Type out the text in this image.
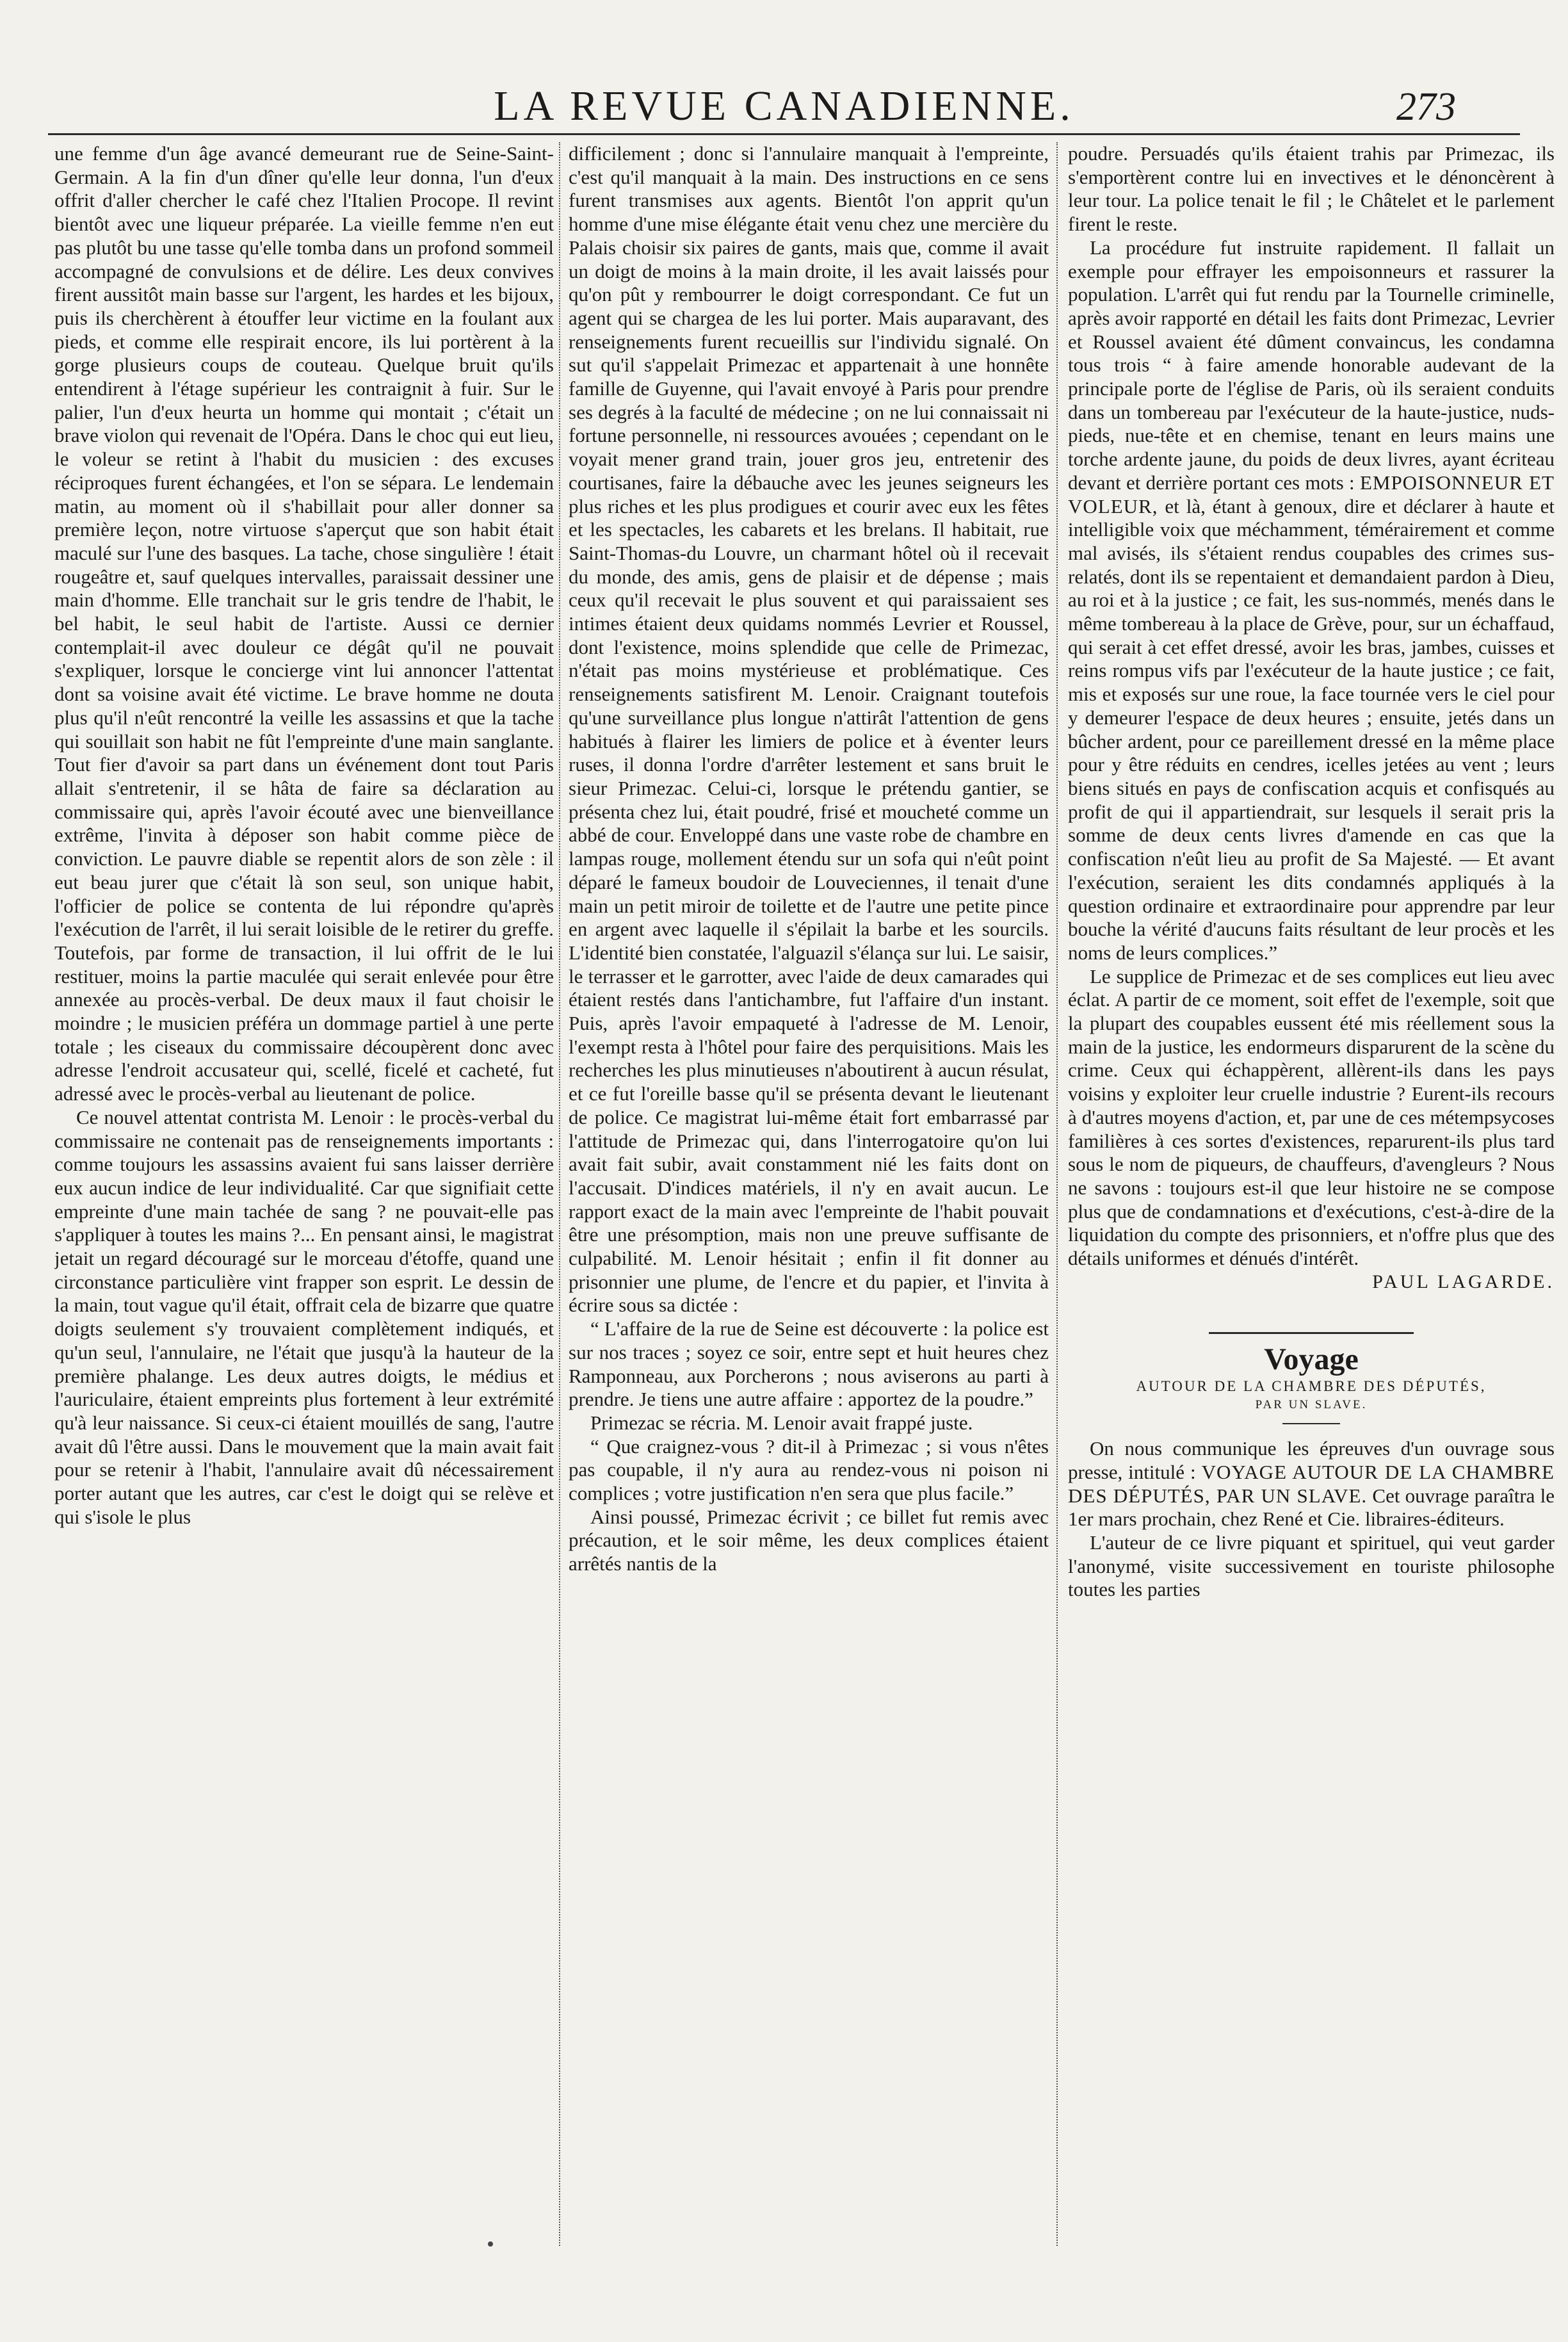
LA REVUE CANADIENNE.	273

une femme d'un âge avancé demeurant rue de Seine-Saint-Germain. A la fin d'un dîner qu'elle leur donna, l'un d'eux offrit d'aller chercher le café chez l'Italien Procope. Il revint bientôt avec une liqueur préparée. La vieille femme n'en eut pas plutôt bu une tasse qu'elle tomba dans un profond sommeil accompagné de convulsions et de délire. Les deux convives firent aussitôt main basse sur l'argent, les hardes et les bijoux, puis ils cherchèrent à étouffer leur victime en la foulant aux pieds, et comme elle respirait encore, ils lui portèrent à la gorge plusieurs coups de couteau. Quelque bruit qu'ils entendirent à l'étage supérieur les contraignit à fuir. Sur le palier, l'un d'eux heurta un homme qui montait ; c'était un brave violon qui revenait de l'Opéra. Dans le choc qui eut lieu, le voleur se retint à l'habit du musicien : des excuses réciproques furent échangées, et l'on se sépara. Le lendemain matin, au moment où il s'habillait pour aller donner sa première leçon, notre virtuose s'aperçut que son habit était maculé sur l'une des basques. La tache, chose singulière ! était rougeâtre et, sauf quelques intervalles, paraissait dessiner une main d'homme. Elle tranchait sur le gris tendre de l'habit, le bel habit, le seul habit de l'artiste. Aussi ce dernier contemplait-il avec douleur ce dégât qu'il ne pouvait s'expliquer, lorsque le concierge vint lui annoncer l'attentat dont sa voisine avait été victime. Le brave homme ne douta plus qu'il n'eût rencontré la veille les assassins et que la tache qui souillait son habit ne fût l'empreinte d'une main sanglante. Tout fier d'avoir sa part dans un événement dont tout Paris allait s'entretenir, il se hâta de faire sa déclaration au commissaire qui, après l'avoir écouté avec une bienveillance extrême, l'invita à déposer son habit comme pièce de conviction. Le pauvre diable se repentit alors de son zèle : il eut beau jurer que c'était là son seul, son unique habit, l'officier de police se contenta de lui répondre qu'après l'exécution de l'arrêt, il lui serait loisible de le retirer du greffe. Toutefois, par forme de transaction, il lui offrit de le lui restituer, moins la partie maculée qui serait enlevée pour être annexée au procès-verbal. De deux maux il faut choisir le moindre ; le musicien préféra un dommage partiel à une perte totale ; les ciseaux du commissaire découpèrent donc avec adresse l'endroit accusateur qui, scellé, ficelé et cacheté, fut adressé avec le procès-verbal au lieutenant de police.

Ce nouvel attentat contrista M. Lenoir : le procès-verbal du commissaire ne contenait pas de renseignements importants : comme toujours les assassins avaient fui sans laisser derrière eux aucun indice de leur individualité. Car que signifiait cette empreinte d'une main tachée de sang ? ne pouvait-elle pas s'appliquer à toutes les mains ?... En pensant ainsi, le magistrat jetait un regard découragé sur le morceau d'étoffe, quand une circonstance particulière vint frapper son esprit. Le dessin de la main, tout vague qu'il était, offrait cela de bizarre que quatre doigts seulement s'y trouvaient complètement indiqués, et qu'un seul, l'annulaire, ne l'était que jusqu'à la hauteur de la première phalange. Les deux autres doigts, le médius et l'auriculaire, étaient empreints plus fortement à leur extrémité qu'à leur naissance. Si ceux-ci étaient mouillés de sang, l'autre avait dû l'être aussi. Dans le mouvement que la main avait fait pour se retenir à l'habit, l'annulaire avait dû nécessairement porter autant que les autres, car c'est le doigt qui se relève et qui s'isole le plus

difficilement ; donc si l'annulaire manquait à l'empreinte, c'est qu'il manquait à la main. Des instructions en ce sens furent transmises aux agents. Bientôt l'on apprit qu'un homme d'une mise élégante était venu chez une mercière du Palais choisir six paires de gants, mais que, comme il avait un doigt de moins à la main droite, il les avait laissés pour qu'on pût y rembourrer le doigt correspondant. Ce fut un agent qui se chargea de les lui porter. Mais auparavant, des renseignements furent recueillis sur l'individu signalé. On sut qu'il s'appelait Primezac et appartenait à une honnête famille de Guyenne, qui l'avait envoyé à Paris pour prendre ses degrés à la faculté de médecine ; on ne lui connaissait ni fortune personnelle, ni ressources avouées ; cependant on le voyait mener grand train, jouer gros jeu, entretenir des courtisanes, faire la débauche avec les jeunes seigneurs les plus riches et les plus prodigues et courir avec eux les fêtes et les spectacles, les cabarets et les brelans. Il habitait, rue Saint-Thomas-du Louvre, un charmant hôtel où il recevait du monde, des amis, gens de plaisir et de dépense ; mais ceux qu'il recevait le plus souvent et qui paraissaient ses intimes étaient deux quidams nommés Levrier et Roussel, dont l'existence, moins splendide que celle de Primezac, n'était pas moins mystérieuse et problématique. Ces renseignements satisfirent M. Lenoir. Craignant toutefois qu'une surveillance plus longue n'attirât l'attention de gens habitués à flairer les limiers de police et à éventer leurs ruses, il donna l'ordre d'arrêter lestement et sans bruit le sieur Primezac. Celui-ci, lorsque le prétendu gantier, se présenta chez lui, était poudré, frisé et moucheté comme un abbé de cour. Enveloppé dans une vaste robe de chambre en lampas rouge, mollement étendu sur un sofa qui n'eût point déparé le fameux boudoir de Louveciennes, il tenait d'une main un petit miroir de toilette et de l'autre une petite pince en argent avec laquelle il s'épilait la barbe et les sourcils. L'identité bien constatée, l'alguazil s'élança sur lui. Le saisir, le terrasser et le garrotter, avec l'aide de deux camarades qui étaient restés dans l'antichambre, fut l'affaire d'un instant. Puis, après l'avoir empaqueté à l'adresse de M. Lenoir, l'exempt resta à l'hôtel pour faire des perquisitions. Mais les recherches les plus minutieuses n'aboutirent à aucun résulat, et ce fut l'oreille basse qu'il se présenta devant le lieutenant de police. Ce magistrat lui-même était fort embarrassé par l'attitude de Primezac qui, dans l'interrogatoire qu'on lui avait fait subir, avait constamment nié les faits dont on l'accusait. D'indices matériels, il n'y en avait aucun. Le rapport exact de la main avec l'empreinte de l'habit pouvait être une présomption, mais non une preuve suffisante de culpabilité. M. Lenoir hésitait ; enfin il fit donner au prisonnier une plume, de l'encre et du papier, et l'invita à écrire sous sa dictée :

“ L'affaire de la rue de Seine est découverte : la police est sur nos traces ; soyez ce soir, entre sept et huit heures chez Ramponneau, aux Porcherons ; nous aviserons au parti à prendre. Je tiens une autre affaire : apportez de la poudre.”

Primezac se récria. M. Lenoir avait frappé juste.

“ Que craignez-vous ? dit-il à Primezac ; si vous n'êtes pas coupable, il n'y aura au rendez-vous ni poison ni complices ; votre justification n'en sera que plus facile.”

Ainsi poussé, Primezac écrivit ; ce billet fut remis avec précaution, et le soir même, les deux complices étaient arrêtés nantis de la

poudre. Persuadés qu'ils étaient trahis par Primezac, ils s'emportèrent contre lui en invectives et le dénoncèrent à leur tour. La police tenait le fil ; le Châtelet et le parlement firent le reste.

La procédure fut instruite rapidement. Il fallait un exemple pour effrayer les empoisonneurs et rassurer la population. L'arrêt qui fut rendu par la Tournelle criminelle, après avoir rapporté en détail les faits dont Primezac, Levrier et Roussel avaient été dûment convaincus, les condamna tous trois “ à faire amende honorable audevant de la principale porte de l'église de Paris, où ils seraient conduits dans un tombereau par l'exécuteur de la haute-justice, nuds-pieds, nue-tête et en chemise, tenant en leurs mains une torche ardente jaune, du poids de deux livres, ayant écriteau devant et derrière portant ces mots : EMPOISONNEUR ET VOLEUR, et là, étant à genoux, dire et déclarer à haute et intelligible voix que méchamment, témérairement et comme mal avisés, ils s'étaient rendus coupables des crimes sus-relatés, dont ils se repentaient et demandaient pardon à Dieu, au roi et à la justice ; ce fait, les sus-nommés, menés dans le même tombereau à la place de Grève, pour, sur un échaffaud, qui serait à cet effet dressé, avoir les bras, jambes, cuisses et reins rompus vifs par l'exécuteur de la haute justice ; ce fait, mis et exposés sur une roue, la face tournée vers le ciel pour y demeurer l'espace de deux heures ; ensuite, jetés dans un bûcher ardent, pour ce pareillement dressé en la même place pour y être réduits en cendres, icelles jetées au vent ; leurs biens situés en pays de confiscation acquis et confisqués au profit de qui il appartiendrait, sur lesquels il serait pris la somme de deux cents livres d'amende en cas que la confiscation n'eût lieu au profit de Sa Majesté. — Et avant l'exécution, seraient les dits condamnés appliqués à la question ordinaire et extraordinaire pour apprendre par leur bouche la vérité d'aucuns faits résultant de leur procès et les noms de leurs complices.”

Le supplice de Primezac et de ses complices eut lieu avec éclat. A partir de ce moment, soit effet de l'exemple, soit que la plupart des coupables eussent été mis réellement sous la main de la justice, les endormeurs disparurent de la scène du crime. Ceux qui échappèrent, allèrent-ils dans les pays voisins y exploiter leur cruelle industrie ? Eurent-ils recours à d'autres moyens d'action, et, par une de ces métempsycoses familières à ces sortes d'existences, reparurent-ils plus tard sous le nom de piqueurs, de chauffeurs, d'avengleurs ? Nous ne savons : toujours est-il que leur histoire ne se compose plus que de condamnations et d'exécutions, c'est-à-dire de la liquidation du compte des prisonniers, et n'offre plus que des détails uniformes et dénués d'intérêt.

PAUL LAGARDE.

Voyage
AUTOUR DE LA CHAMBRE DES DÉPUTÉS,
PAR UN SLAVE.

On nous communique les épreuves d'un ouvrage sous presse, intitulé : VOYAGE AUTOUR DE LA CHAMBRE DES DÉPUTÉS, PAR UN SLAVE. Cet ouvrage paraîtra le 1er mars prochain, chez René et Cie. libraires-éditeurs.

L'auteur de ce livre piquant et spirituel, qui veut garder l'anonymé, visite successivement en touriste philosophe toutes les parties
